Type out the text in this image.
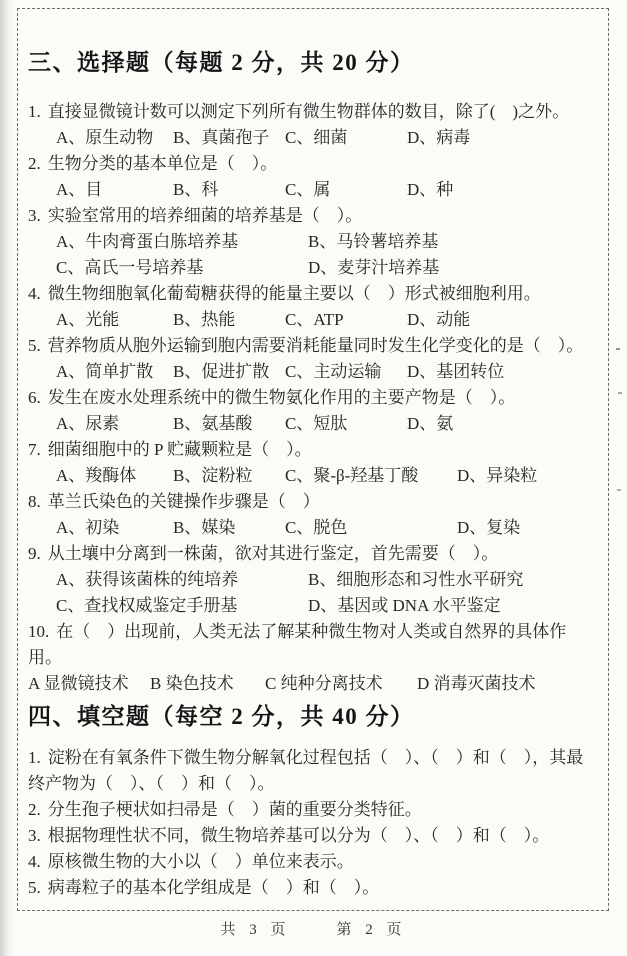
三、选择题（每题 2 分，共 20 分）
1. 直接显微镜计数可以测定下列所有微生物群体的数目，除了(　)之外。
A、原生动物	B、真菌孢子 C、细菌	D、病毒
2. 生物分类的基本单位是（　）。
A、目	B、科	C、属	D、种
3. 实验室常用的培养细菌的培养基是（　）。
A、牛肉膏蛋白胨培养基	B、马铃薯培养基
C、高氏一号培养基	D、麦芽汁培养基
4. 微生物细胞氧化葡萄糖获得的能量主要以（　）形式被细胞利用。
A、光能	B、热能	C、ATP	D、动能
5. 营养物质从胞外运输到胞内需要消耗能量同时发生化学变化的是（　）。
A、简单扩散	B、促进扩散 C、主动运输	D、基团转位
6. 发生在废水处理系统中的微生物氨化作用的主要产物是（　）。
A、尿素	B、氨基酸	C、短肽	D、氨
7. 细菌细胞中的 P 贮藏颗粒是（　）。
A、羧酶体	B、淀粉粒	C、聚-β-羟基丁酸	D、异染粒
8. 革兰氏染色的关键操作步骤是（　）
A、初染	B、媒染	C、脱色	D、复染
9. 从土壤中分离到一株菌，欲对其进行鉴定，首先需要（　）。
A、获得该菌株的纯培养	B、细胞形态和习性水平研究
C、查找权威鉴定手册基	D、基因或 DNA 水平鉴定
10. 在（　）出现前，人类无法了解某种微生物对人类或自然界的具体作用。
A 显微镜技术	B 染色技术	C 纯种分离技术	D 消毒灭菌技术
四、填空题（每空 2 分，共 40 分）
1. 淀粉在有氧条件下微生物分解氧化过程包括（　）、（　）和（　），其最终产物为（　）、（　）和（　）。
2. 分生孢子梗状如扫帚是（　）菌的重要分类特征。
3. 根据物理性状不同，微生物培养基可以分为（　）、（　）和（　）。
4. 原核微生物的大小以（　）单位来表示。
5. 病毒粒子的基本化学组成是（　）和（　）。
共 3 页	第 2 页
